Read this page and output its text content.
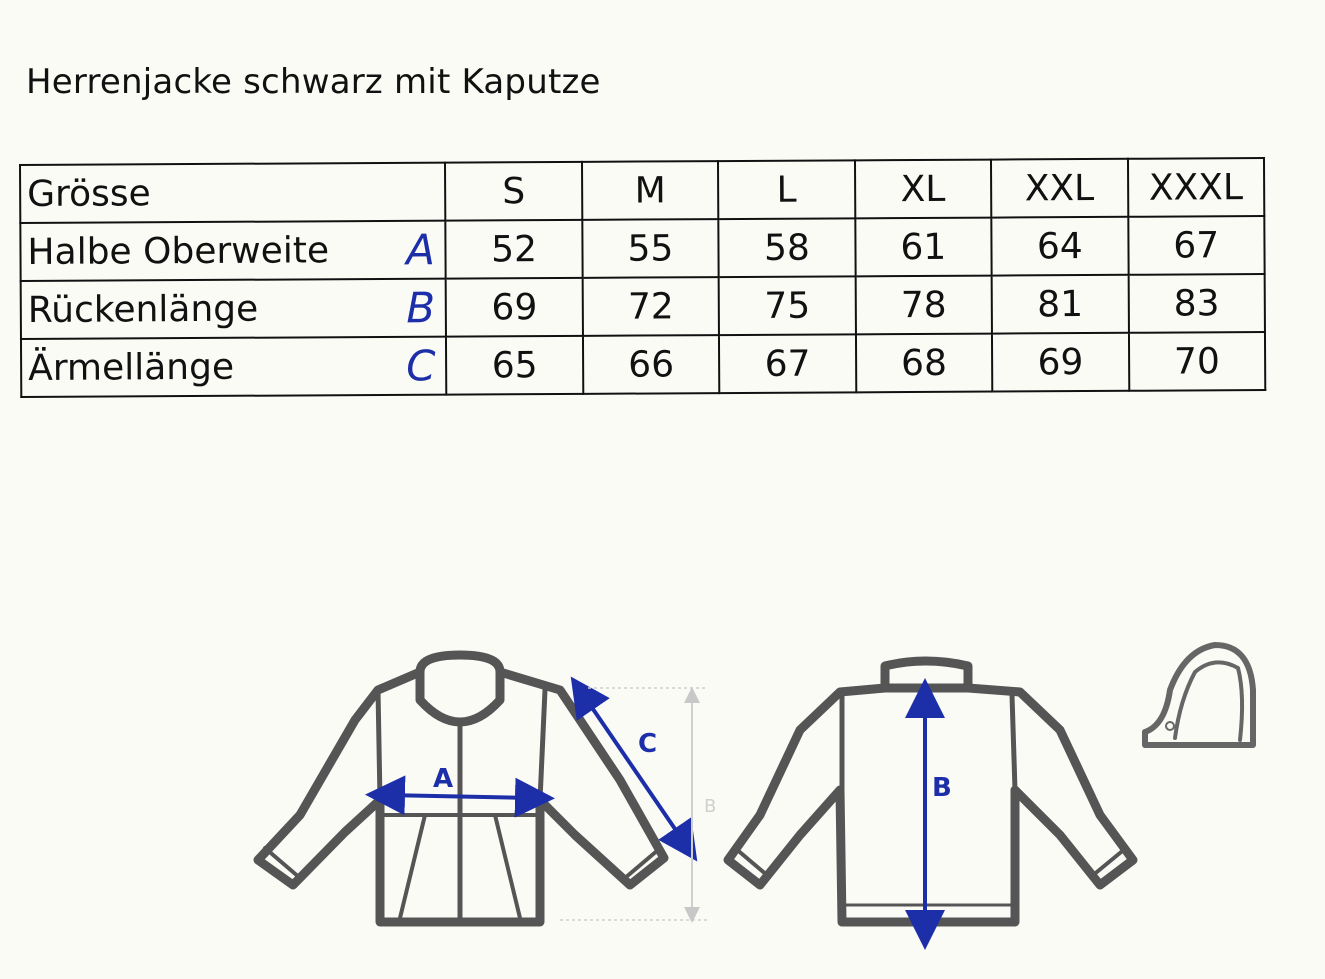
Herrenjacke schwarz mit Kaputze
Grösse	S	M	L	XL	XXL	XXXL
Halbe Oberweite A	52	55	58	61	64	67
Rückenlänge B	69	72	75	78	81	83
Ärmellänge C	65	66	67	68	69	70
A
C
B
B
